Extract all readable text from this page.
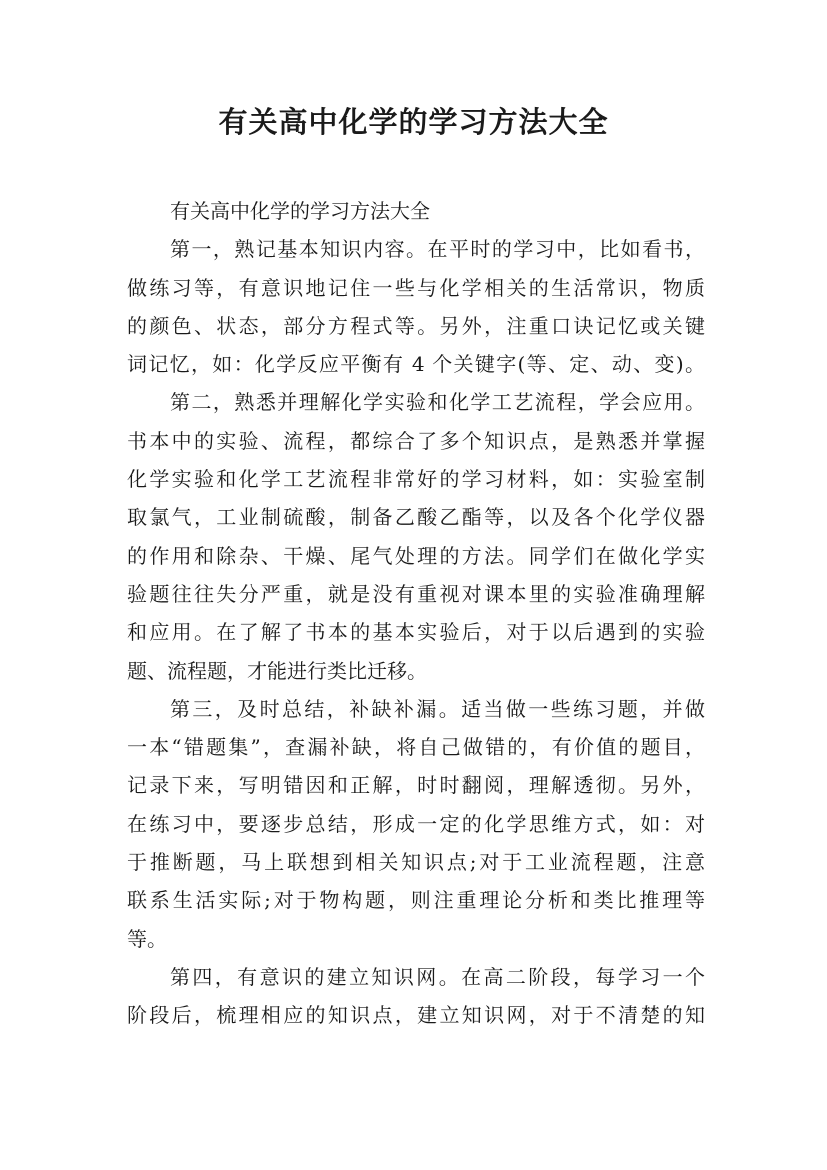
有关高中化学的学习方法大全
有关高中化学的学习方法大全
第一，熟记基本知识内容。在平时的学习中，比如看书，
做练习等，有意识地记住一些与化学相关的生活常识，物质
的颜色、状态，部分方程式等。另外，注重口诀记忆或关键
词记忆，如：化学反应平衡有 4 个关键字(等、定、动、变)。
第二，熟悉并理解化学实验和化学工艺流程，学会应用。
书本中的实验、流程，都综合了多个知识点，是熟悉并掌握
化学实验和化学工艺流程非常好的学习材料，如：实验室制
取氯气，工业制硫酸，制备乙酸乙酯等，以及各个化学仪器
的作用和除杂、干燥、尾气处理的方法。同学们在做化学实
验题往往失分严重，就是没有重视对课本里的实验准确理解
和应用。在了解了书本的基本实验后，对于以后遇到的实验
题、流程题，才能进行类比迁移。
第三，及时总结，补缺补漏。适当做一些练习题，并做
一本“错题集”，查漏补缺，将自己做错的，有价值的题目，
记录下来，写明错因和正解，时时翻阅，理解透彻。另外，
在练习中，要逐步总结，形成一定的化学思维方式，如：对
于推断题，马上联想到相关知识点;对于工业流程题，注意
联系生活实际;对于物构题，则注重理论分析和类比推理等
等。
第四，有意识的建立知识网。在高二阶段，每学习一个
阶段后，梳理相应的知识点，建立知识网，对于不清楚的知
